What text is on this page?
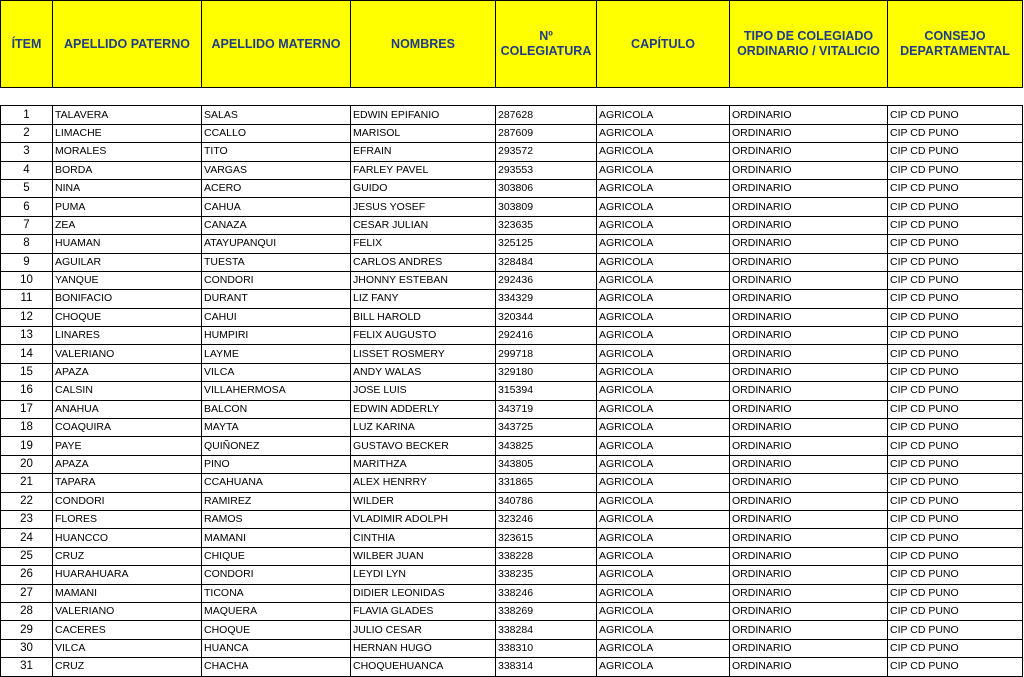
ÍTEM	APELLIDO PATERNO	APELLIDO MATERNO	NOMBRES	Nº COLEGIATURA	CAPÍTULO	TIPO DE COLEGIADO ORDINARIO / VITALICIO	CONSEJO DEPARTAMENTAL

1	TALAVERA	SALAS	EDWIN EPIFANIO	287628	AGRICOLA	ORDINARIO	CIP CD PUNO
2	LIMACHE	CCALLO	MARISOL	287609	AGRICOLA	ORDINARIO	CIP CD PUNO
3	MORALES	TITO	EFRAIN	293572	AGRICOLA	ORDINARIO	CIP CD PUNO
4	BORDA	VARGAS	FARLEY PAVEL	293553	AGRICOLA	ORDINARIO	CIP CD PUNO
5	NINA	ACERO	GUIDO	303806	AGRICOLA	ORDINARIO	CIP CD PUNO
6	PUMA	CAHUA	JESUS YOSEF	303809	AGRICOLA	ORDINARIO	CIP CD PUNO
7	ZEA	CANAZA	CESAR JULIAN	323635	AGRICOLA	ORDINARIO	CIP CD PUNO
8	HUAMAN	ATAYUPANQUI	FELIX	325125	AGRICOLA	ORDINARIO	CIP CD PUNO
9	AGUILAR	TUESTA	CARLOS ANDRES	328484	AGRICOLA	ORDINARIO	CIP CD PUNO
10	YANQUE	CONDORI	JHONNY ESTEBAN	292436	AGRICOLA	ORDINARIO	CIP CD PUNO
11	BONIFACIO	DURANT	LIZ FANY	334329	AGRICOLA	ORDINARIO	CIP CD PUNO
12	CHOQUE	CAHUI	BILL HAROLD	320344	AGRICOLA	ORDINARIO	CIP CD PUNO
13	LINARES	HUMPIRI	FELIX AUGUSTO	292416	AGRICOLA	ORDINARIO	CIP CD PUNO
14	VALERIANO	LAYME	LISSET ROSMERY	299718	AGRICOLA	ORDINARIO	CIP CD PUNO
15	APAZA	VILCA	ANDY WALAS	329180	AGRICOLA	ORDINARIO	CIP CD PUNO
16	CALSIN	VILLAHERMOSA	JOSE LUIS	315394	AGRICOLA	ORDINARIO	CIP CD PUNO
17	ANAHUA	BALCON	EDWIN ADDERLY	343719	AGRICOLA	ORDINARIO	CIP CD PUNO
18	COAQUIRA	MAYTA	LUZ KARINA	343725	AGRICOLA	ORDINARIO	CIP CD PUNO
19	PAYE	QUIÑONEZ	GUSTAVO BECKER	343825	AGRICOLA	ORDINARIO	CIP CD PUNO
20	APAZA	PINO	MARITHZA	343805	AGRICOLA	ORDINARIO	CIP CD PUNO
21	TAPARA	CCAHUANA	ALEX HENRRY	331865	AGRICOLA	ORDINARIO	CIP CD PUNO
22	CONDORI	RAMIREZ	WILDER	340786	AGRICOLA	ORDINARIO	CIP CD PUNO
23	FLORES	RAMOS	VLADIMIR ADOLPH	323246	AGRICOLA	ORDINARIO	CIP CD PUNO
24	HUANCCO	MAMANI	CINTHIA	323615	AGRICOLA	ORDINARIO	CIP CD PUNO
25	CRUZ	CHIQUE	WILBER JUAN	338228	AGRICOLA	ORDINARIO	CIP CD PUNO
26	HUARAHUARA	CONDORI	LEYDI LYN	338235	AGRICOLA	ORDINARIO	CIP CD PUNO
27	MAMANI	TICONA	DIDIER LEONIDAS	338246	AGRICOLA	ORDINARIO	CIP CD PUNO
28	VALERIANO	MAQUERA	FLAVIA GLADES	338269	AGRICOLA	ORDINARIO	CIP CD PUNO
29	CACERES	CHOQUE	JULIO CESAR	338284	AGRICOLA	ORDINARIO	CIP CD PUNO
30	VILCA	HUANCA	HERNAN HUGO	338310	AGRICOLA	ORDINARIO	CIP CD PUNO
31	CRUZ	CHACHA	CHOQUEHUANCA	338314	AGRICOLA	ORDINARIO	CIP CD PUNO
